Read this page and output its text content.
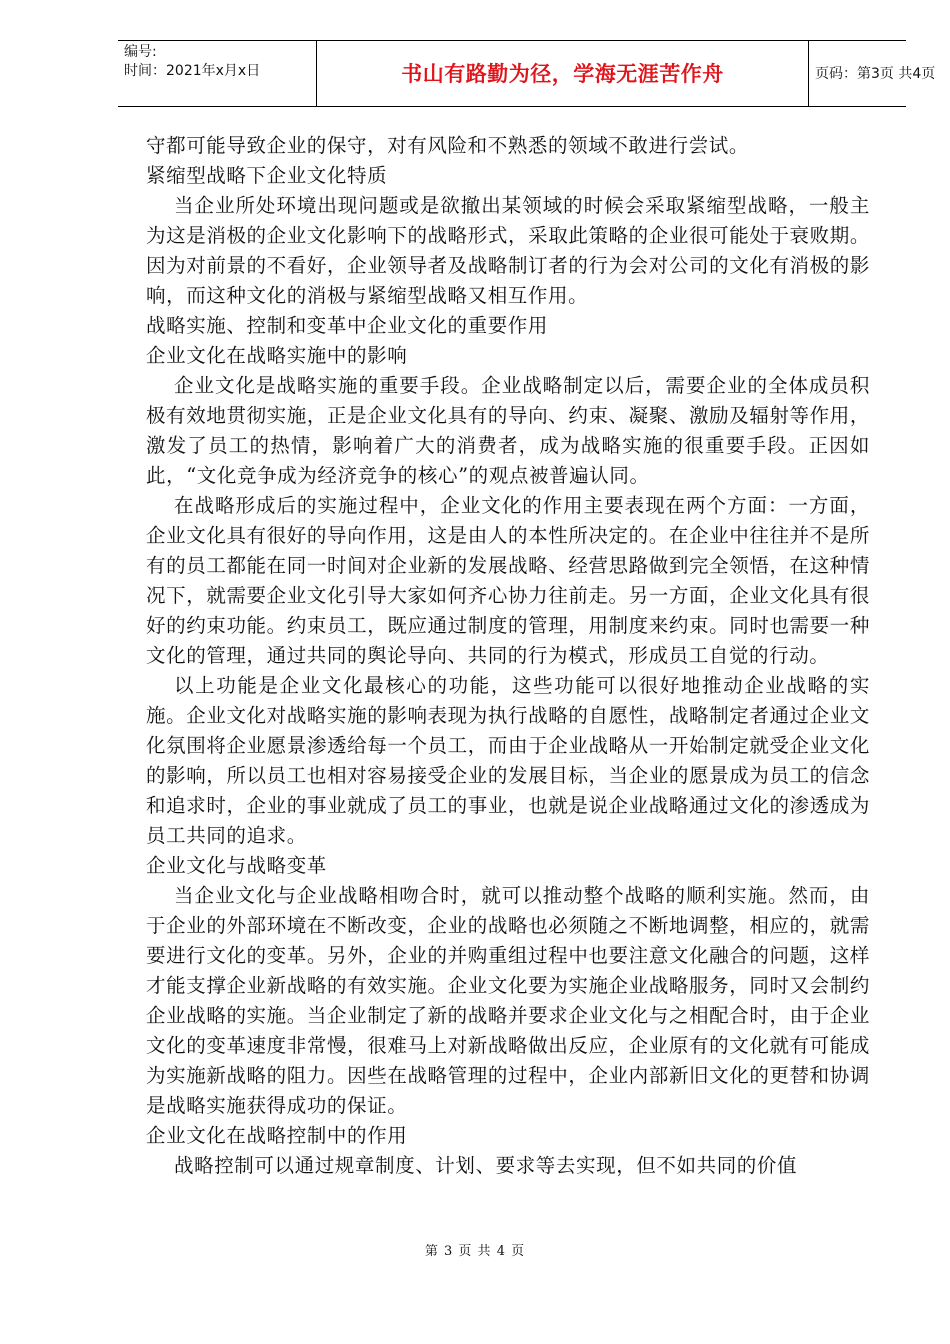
编号:
时间：2021年x月x日	书山有路勤为径，学海无涯苦作舟	页码：第3页 共4页

守都可能导致企业的保守，对有风险和不熟悉的领域不敢进行尝试。

紧缩型战略下企业文化特质

当企业所处环境出现问题或是欲撤出某领域的时候会采取紧缩型战略，一般主为这是消极的企业文化影响下的战略形式，采取此策略的企业很可能处于衰败期。因为对前景的不看好，企业领导者及战略制订者的行为会对公司的文化有消极的影响，而这种文化的消极与紧缩型战略又相互作用。

战略实施、控制和变革中企业文化的重要作用

企业文化在战略实施中的影响

企业文化是战略实施的重要手段。企业战略制定以后，需要企业的全体成员积极有效地贯彻实施，正是企业文化具有的导向、约束、凝聚、激励及辐射等作用，激发了员工的热情，影响着广大的消费者，成为战略实施的很重要手段。正因如此，“文化竞争成为经济竞争的核心”的观点被普遍认同。

在战略形成后的实施过程中，企业文化的作用主要表现在两个方面：一方面，企业文化具有很好的导向作用，这是由人的本性所决定的。在企业中往往并不是所有的员工都能在同一时间对企业新的发展战略、经营思路做到完全领悟，在这种情况下，就需要企业文化引导大家如何齐心协力往前走。另一方面，企业文化具有很好的约束功能。约束员工，既应通过制度的管理，用制度来约束。同时也需要一种文化的管理，通过共同的舆论导向、共同的行为模式，形成员工自觉的行动。

以上功能是企业文化最核心的功能，这些功能可以很好地推动企业战略的实施。企业文化对战略实施的影响表现为执行战略的自愿性，战略制定者通过企业文化氛围将企业愿景渗透给每一个员工，而由于企业战略从一开始制定就受企业文化的影响，所以员工也相对容易接受企业的发展目标，当企业的愿景成为员工的信念和追求时，企业的事业就成了员工的事业，也就是说企业战略通过文化的渗透成为员工共同的追求。

企业文化与战略变革

当企业文化与企业战略相吻合时，就可以推动整个战略的顺利实施。然而，由于企业的外部环境在不断改变，企业的战略也必须随之不断地调整，相应的，就需要进行文化的变革。另外，企业的并购重组过程中也要注意文化融合的问题，这样才能支撑企业新战略的有效实施。企业文化要为实施企业战略服务，同时又会制约企业战略的实施。当企业制定了新的战略并要求企业文化与之相配合时，由于企业文化的变革速度非常慢，很难马上对新战略做出反应，企业原有的文化就有可能成为实施新战略的阻力。因些在战略管理的过程中，企业内部新旧文化的更替和协调是战略实施获得成功的保证。

企业文化在战略控制中的作用

战略控制可以通过规章制度、计划、要求等去实现，但不如共同的价值

第 3 页 共 4 页
